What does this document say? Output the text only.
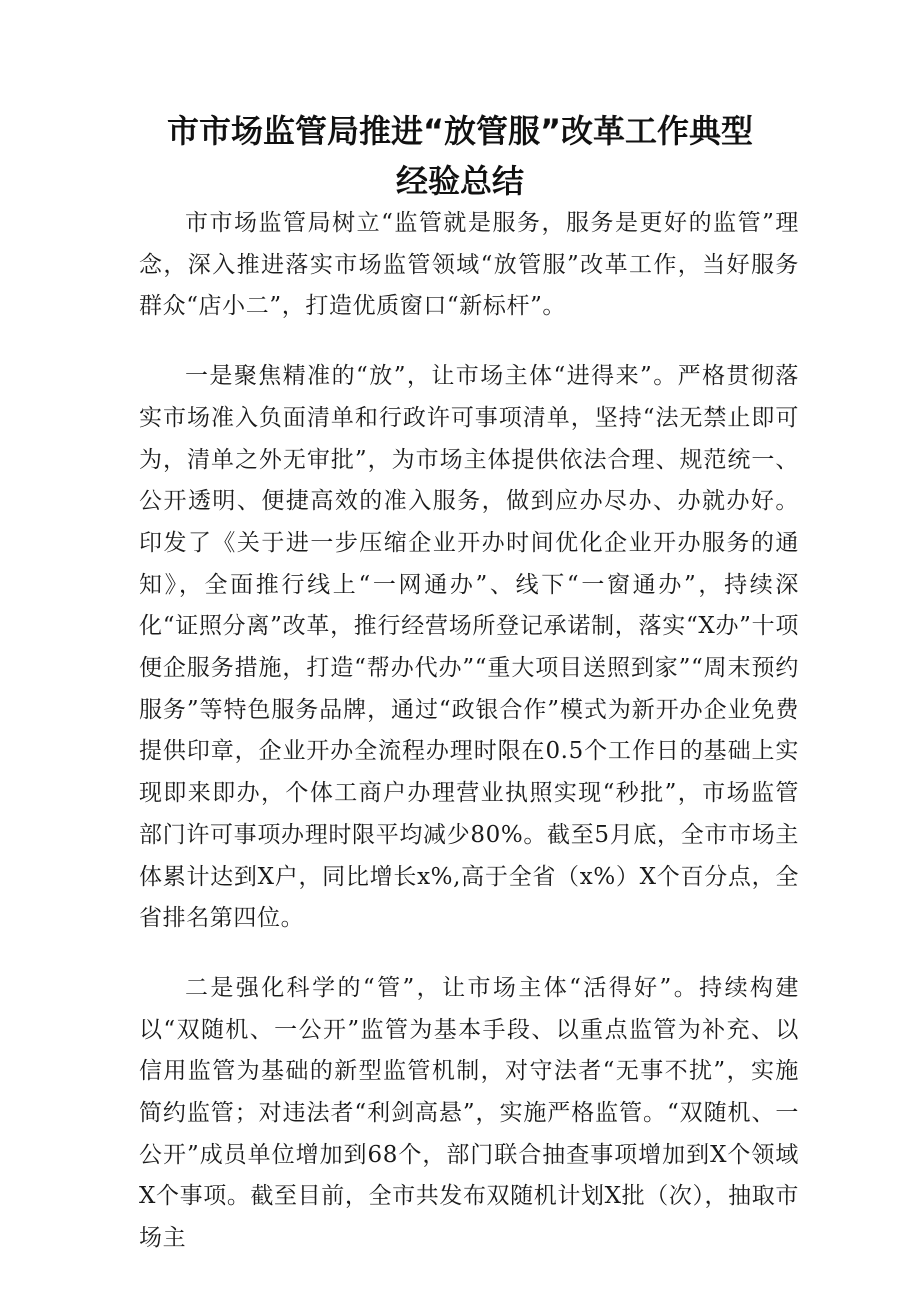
市市场监管局推进“放管服”改革工作典型
经验总结

市市场监管局树立“监管就是服务，服务是更好的监管”理念，深入推进落实市场监管领域“放管服”改革工作，当好服务群众“店小二”，打造优质窗口“新标杆”。

一是聚焦精准的“放”，让市场主体“进得来”。严格贯彻落实市场准入负面清单和行政许可事项清单，坚持“法无禁止即可为，清单之外无审批”，为市场主体提供依法合理、规范统一、公开透明、便捷高效的准入服务，做到应办尽办、办就办好。印发了《关于进一步压缩企业开办时间优化企业开办服务的通知》，全面推行线上“一网通办”、线下“一窗通办”，持续深化“证照分离”改革，推行经营场所登记承诺制，落实“X办”十项便企服务措施，打造“帮办代办”“重大项目送照到家”“周末预约服务”等特色服务品牌，通过“政银合作”模式为新开办企业免费提供印章，企业开办全流程办理时限在0.5个工作日的基础上实现即来即办，个体工商户办理营业执照实现“秒批”，市场监管部门许可事项办理时限平均减少80%。截至5月底，全市市场主体累计达到X户，同比增长x%,高于全省（x%）X个百分点，全省排名第四位。

二是强化科学的“管”，让市场主体“活得好”。持续构建以“双随机、一公开”监管为基本手段、以重点监管为补充、以信用监管为基础的新型监管机制，对守法者“无事不扰”，实施简约监管；对违法者“利剑高悬”，实施严格监管。“双随机、一公开”成员单位增加到68个，部门联合抽查事项增加到X个领域X个事项。截至目前，全市共发布双随机计划X批（次），抽取市场主
